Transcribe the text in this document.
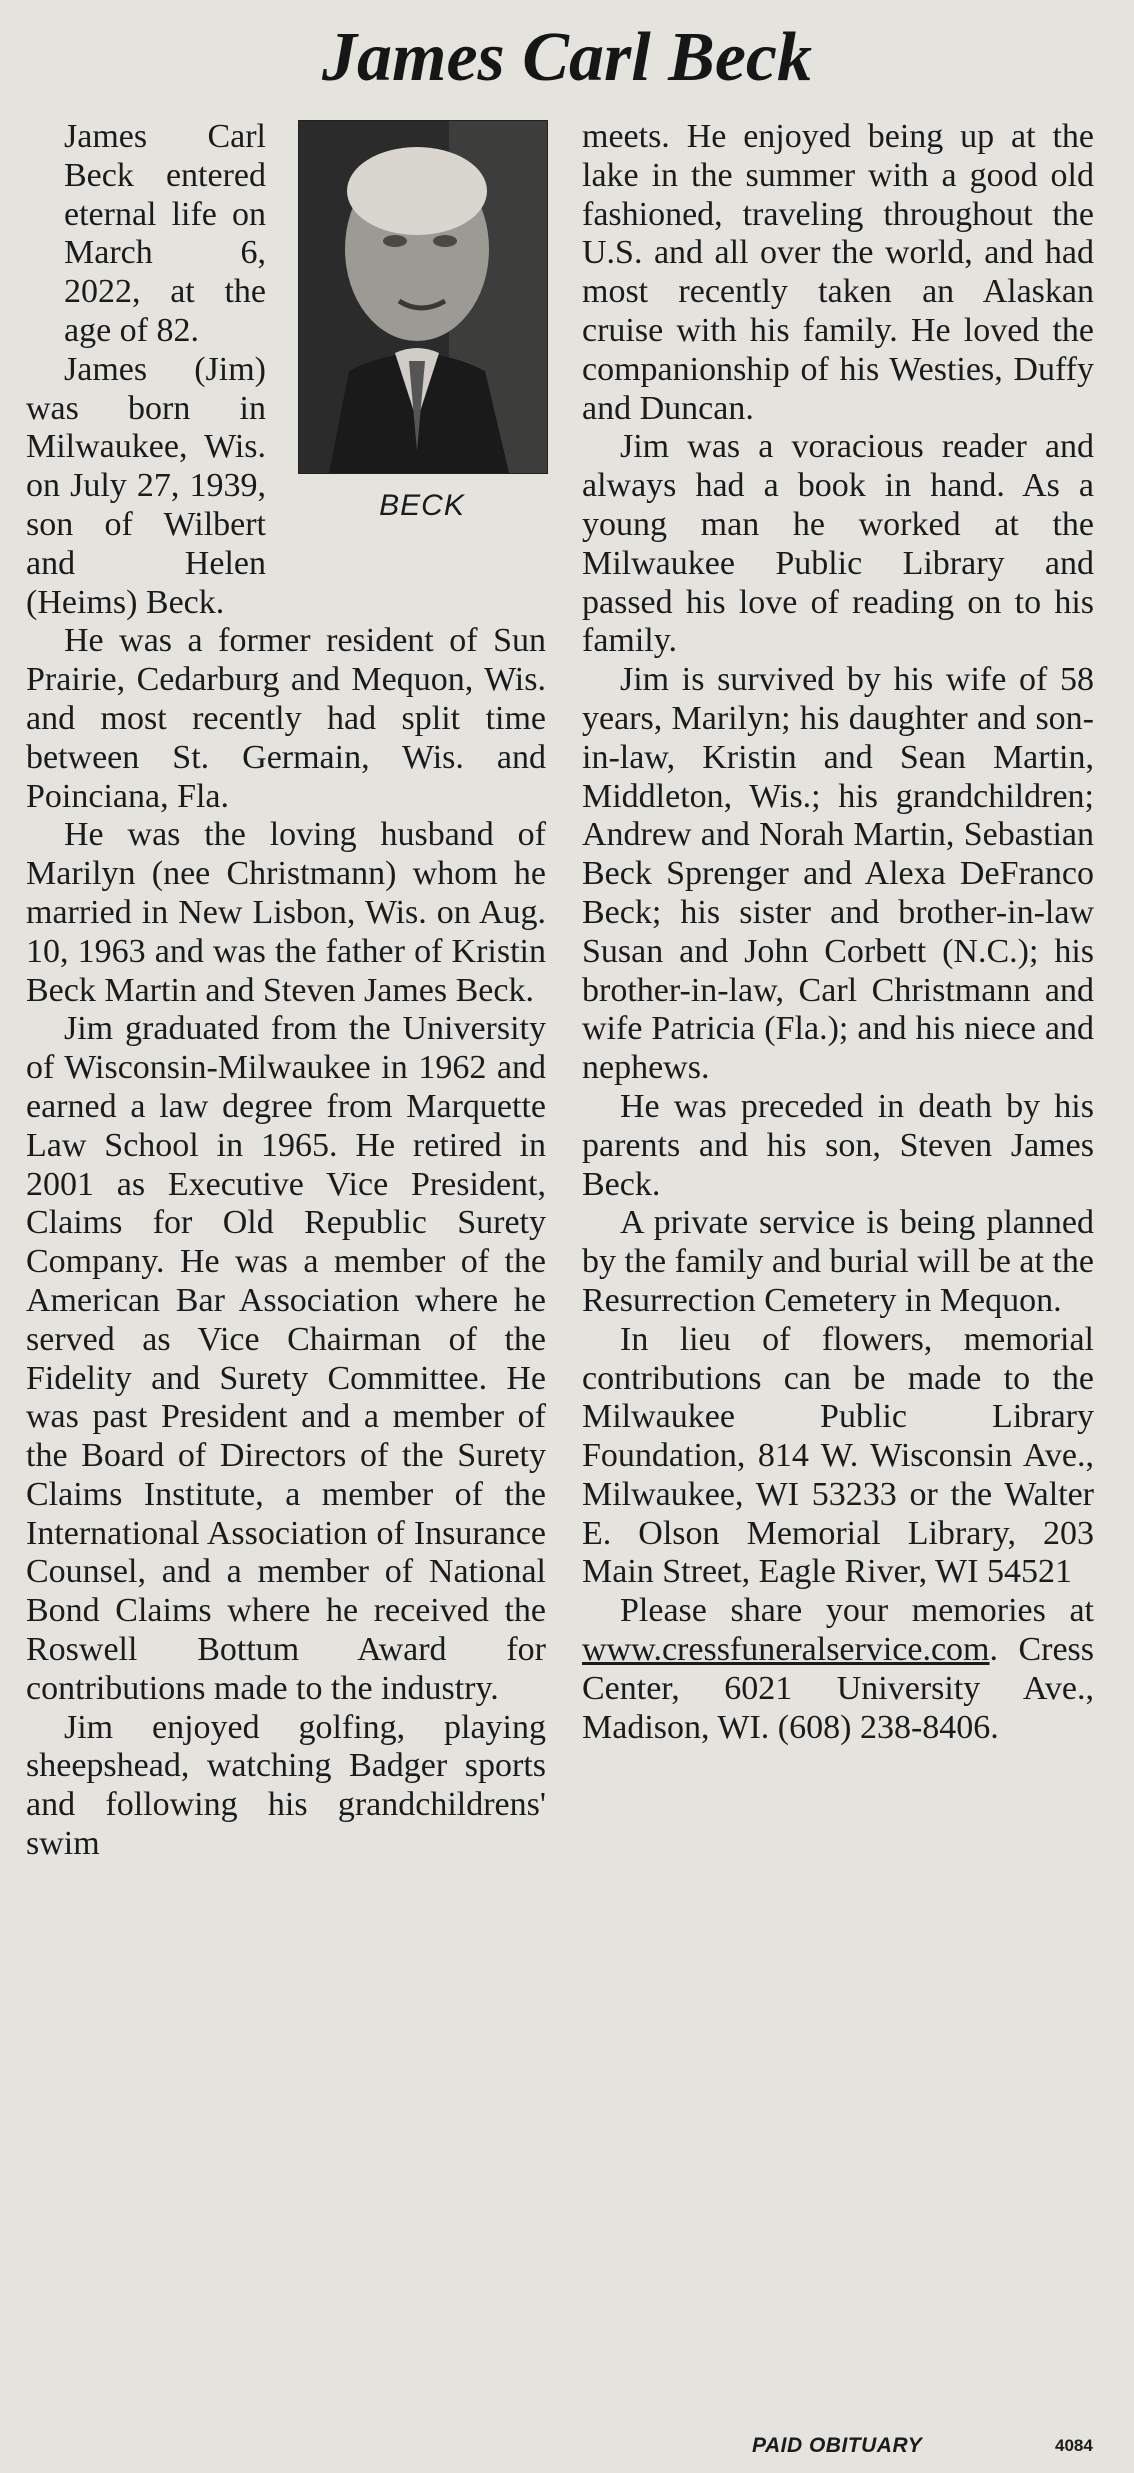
James Carl Beck
BECK

James Carl Beck entered eternal life on March 6, 2022, at the age of 82.

James (Jim) was born in Milwaukee, Wis. on July 27, 1939, son of Wilbert and Helen (Heims) Beck.

He was a former resident of Sun Prairie, Cedarburg and Mequon, Wis. and most recently had split time between St. Germain, Wis. and Poinciana, Fla.

He was the loving husband of Marilyn (nee Christmann) whom he married in New Lisbon, Wis. on Aug. 10, 1963 and was the father of Kristin Beck Martin and Steven James Beck.

Jim graduated from the University of Wisconsin-Milwaukee in 1962 and earned a law degree from Marquette Law School in 1965. He retired in 2001 as Executive Vice President, Claims for Old Republic Surety Company. He was a member of the American Bar Association where he served as Vice Chairman of the Fidelity and Surety Committee. He was past President and a member of the Board of Directors of the Surety Claims Institute, a member of the International Association of Insurance Counsel, and a member of National Bond Claims where he received the Roswell Bottum Award for contributions made to the industry.

Jim enjoyed golfing, playing sheepshead, watching Badger sports and following his grandchildrens' swim

meets. He enjoyed being up at the lake in the summer with a good old fashioned, traveling throughout the U.S. and all over the world, and had most recently taken an Alaskan cruise with his family. He loved the companionship of his Westies, Duffy and Duncan.

Jim was a voracious reader and always had a book in hand. As a young man he worked at the Milwaukee Public Library and passed his love of reading on to his family.

Jim is survived by his wife of 58 years, Marilyn; his daughter and son-in-law, Kristin and Sean Martin, Middleton, Wis.; his grandchildren; Andrew and Norah Martin, Sebastian Beck Sprenger and Alexa DeFranco Beck; his sister and brother-in-law Susan and John Corbett (N.C.); his brother-in-law, Carl Christmann and wife Patricia (Fla.); and his niece and nephews.

He was preceded in death by his parents and his son, Steven James Beck.

A private service is being planned by the family and burial will be at the Resurrection Cemetery in Mequon.

In lieu of flowers, memorial contributions can be made to the Milwaukee Public Library Foundation, 814 W. Wisconsin Ave., Milwaukee, WI 53233 or the Walter E. Olson Memorial Library, 203 Main Street, Eagle River, WI 54521

Please share your memories at www.cressfuneralservice.com. Cress Center, 6021 University Ave., Madison, WI. (608) 238-8406.

PAID OBITUARY	4084
